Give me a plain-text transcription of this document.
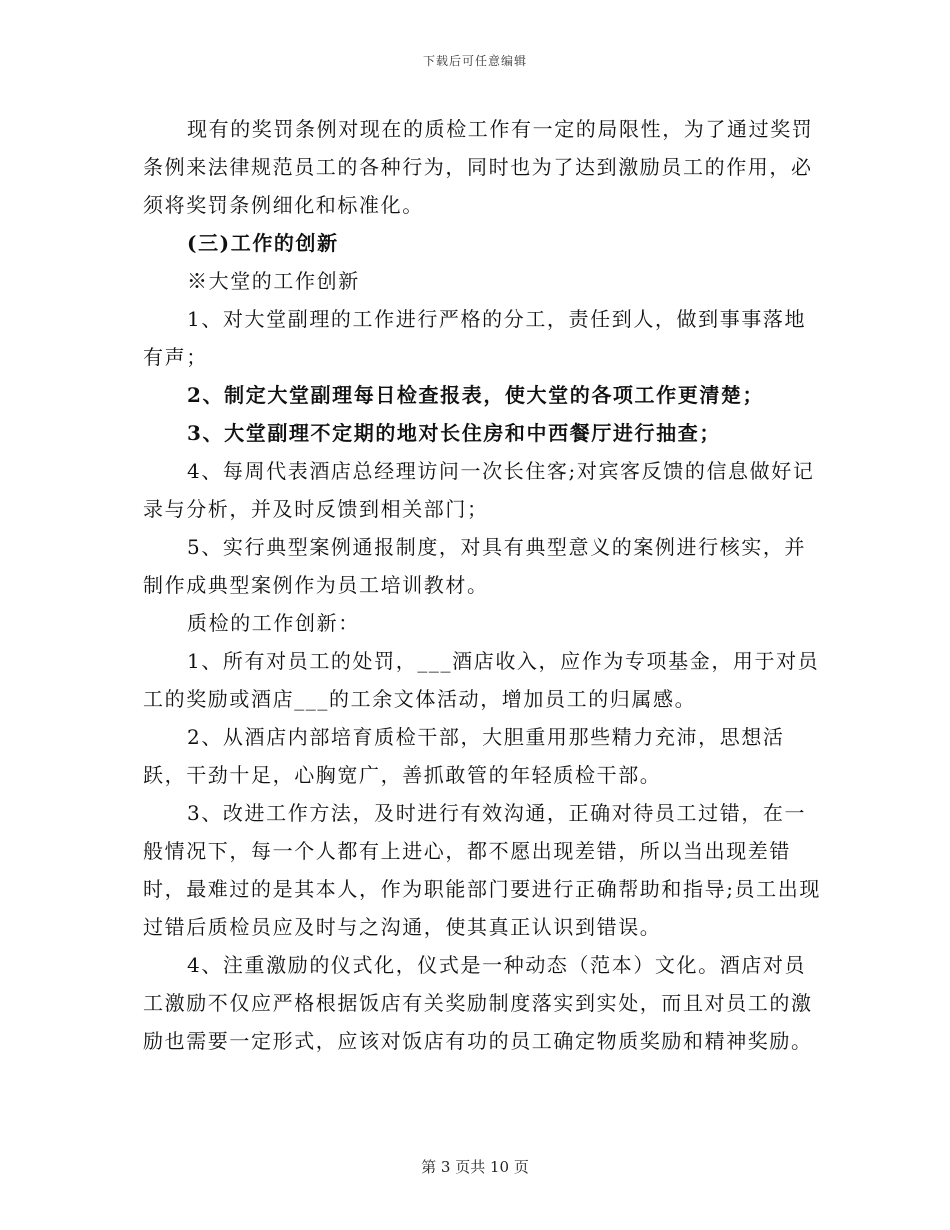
下载后可任意编辑

现有的奖罚条例对现在的质检工作有一定的局限性，为了通过奖罚条例来法律规范员工的各种行为，同时也为了达到激励员工的作用，必须将奖罚条例细化和标准化。

(三)工作的创新

※大堂的工作创新

1、对大堂副理的工作进行严格的分工，责任到人，做到事事落地有声；

2、制定大堂副理每日检查报表，使大堂的各项工作更清楚；

3、大堂副理不定期的地对长住房和中西餐厅进行抽查；

4、每周代表酒店总经理访问一次长住客;对宾客反馈的信息做好记录与分析，并及时反馈到相关部门；

5、实行典型案例通报制度，对具有典型意义的案例进行核实，并制作成典型案例作为员工培训教材。

质检的工作创新：

1、所有对员工的处罚，___酒店收入，应作为专项基金，用于对员工的奖励或酒店___的工余文体活动，增加员工的归属感。

2、从酒店内部培育质检干部，大胆重用那些精力充沛，思想活跃，干劲十足，心胸宽广，善抓敢管的年轻质检干部。

3、改进工作方法，及时进行有效沟通，正确对待员工过错，在一般情况下，每一个人都有上进心，都不愿出现差错，所以当出现差错时，最难过的是其本人，作为职能部门要进行正确帮助和指导;员工出现过错后质检员应及时与之沟通，使其真正认识到错误。

4、注重激励的仪式化，仪式是一种动态（范本）文化。酒店对员工激励不仅应严格根据饭店有关奖励制度落实到实处，而且对员工的激励也需要一定形式，应该对饭店有功的员工确定物质奖励和精神奖励。

第 3 页共 10 页
